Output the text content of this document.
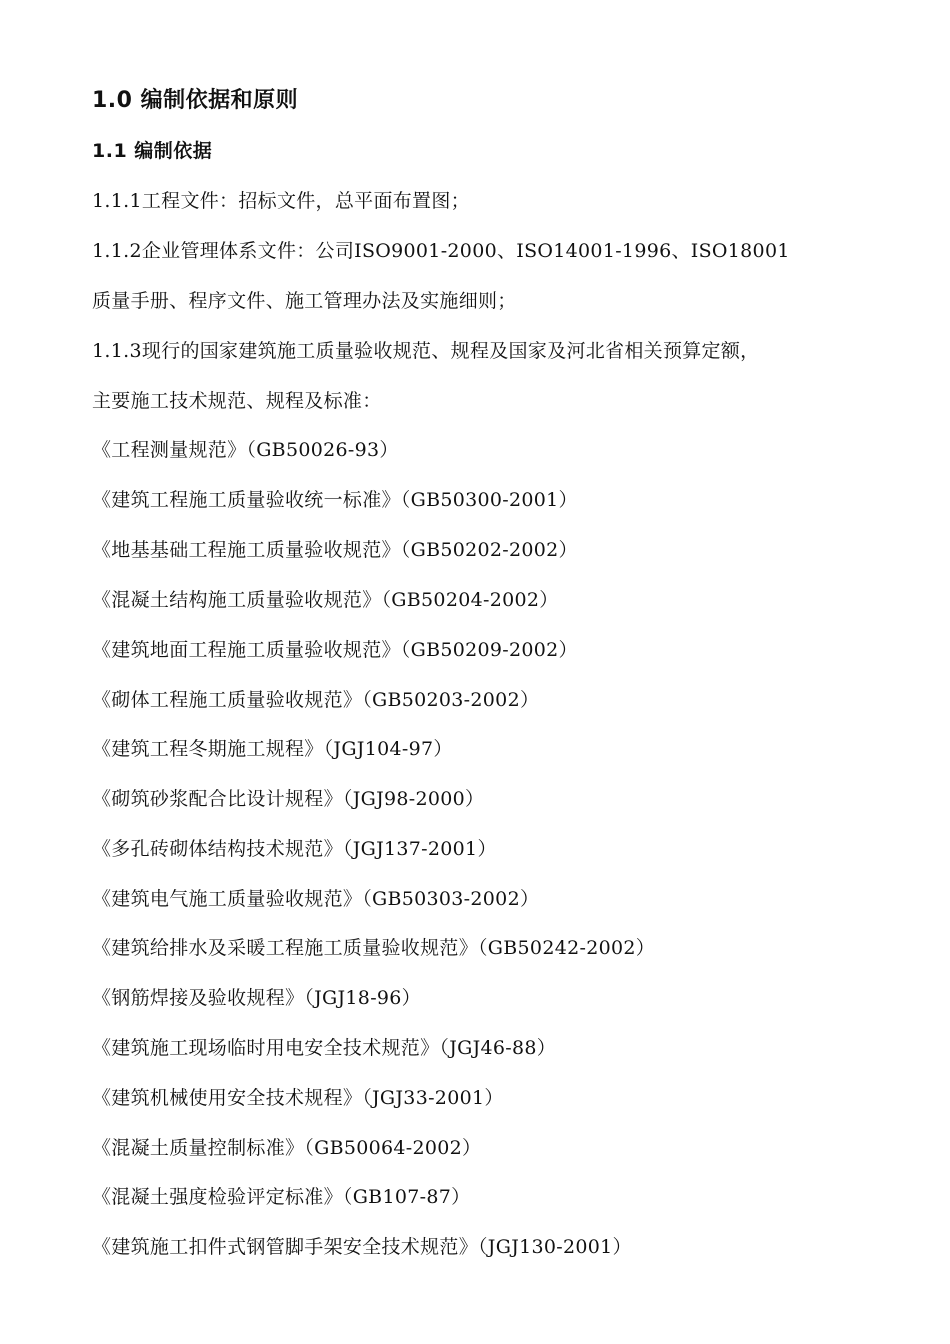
1.0 编制依据和原则
1.1 编制依据
1.1.1工程文件：招标文件，总平面布置图；
1.1.2企业管理体系文件：公司ISO9001-2000、ISO14001-1996、ISO18001
质量手册、程序文件、施工管理办法及实施细则；
1.1.3现行的国家建筑施工质量验收规范、规程及国家及河北省相关预算定额，
主要施工技术规范、规程及标准：
《工程测量规范》（GB50026-93）
《建筑工程施工质量验收统一标准》（GB50300-2001）
《地基基础工程施工质量验收规范》（GB50202-2002）
《混凝土结构施工质量验收规范》（GB50204-2002）
《建筑地面工程施工质量验收规范》（GB50209-2002）
《砌体工程施工质量验收规范》（GB50203-2002）
《建筑工程冬期施工规程》（JGJ104-97）
《砌筑砂浆配合比设计规程》（JGJ98-2000）
《多孔砖砌体结构技术规范》（JGJ137-2001）
《建筑电气施工质量验收规范》（GB50303-2002）
《建筑给排水及采暖工程施工质量验收规范》（GB50242-2002）
《钢筋焊接及验收规程》（JGJ18-96）
《建筑施工现场临时用电安全技术规范》（JGJ46-88）
《建筑机械使用安全技术规程》（JGJ33-2001）
《混凝土质量控制标准》（GB50064-2002）
《混凝土强度检验评定标准》（GB107-87）
《建筑施工扣件式钢管脚手架安全技术规范》（JGJ130-2001）
